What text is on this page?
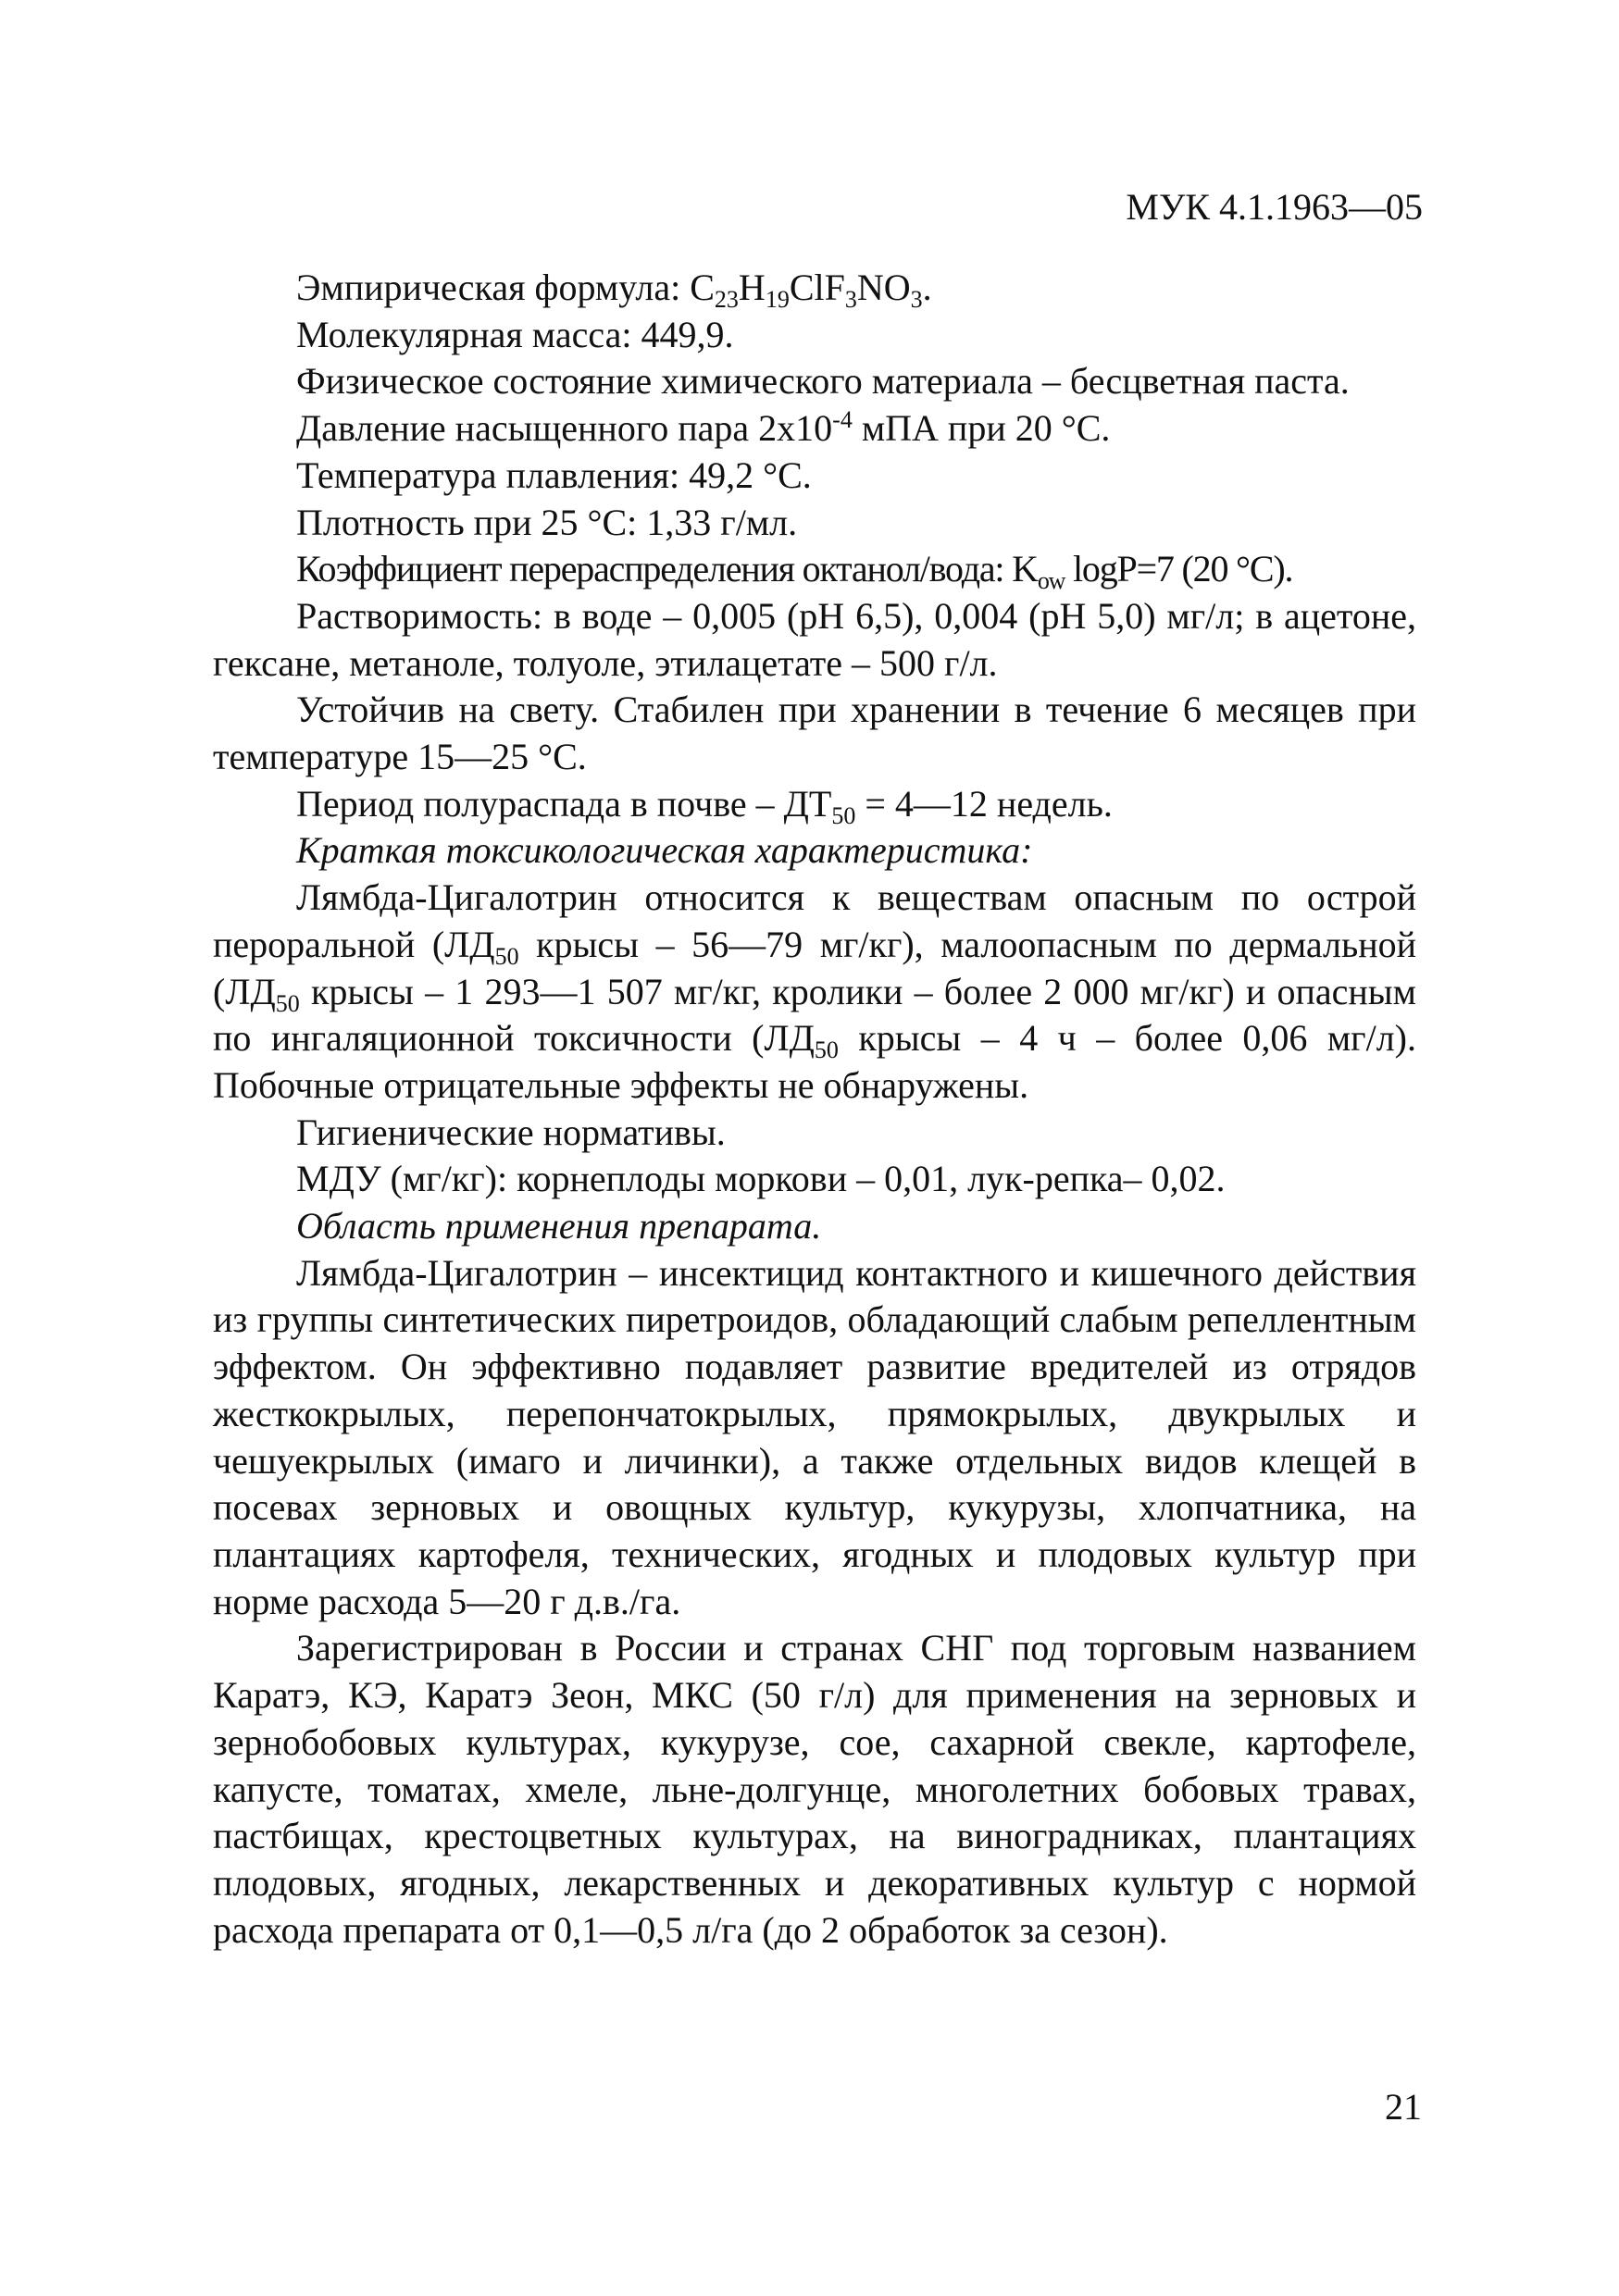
МУК 4.1.1963—05

Эмпирическая формула: $C_{23}H_{19}ClF_3NO_3$.

Молекулярная масса: 449,9.

Физическое состояние химического материала – бесцветная паста.

Давление насыщенного пара $2х10^{-4}$ мПА при 20 °С.

Температура плавления: 49,2 °С.

Плотность при 25 °С: 1,33 г/мл.

Коэффициент перераспределения октанол/вода: $K_{ow}$ logP=7 (20 °С).

Растворимость: в воде – 0,005 (рН 6,5), 0,004 (рН 5,0) мг/л; в ацетоне, гексане, метаноле, толуоле, этилацетате – 500 г/л.

Устойчив на свету. Стабилен при хранении в течение 6 месяцев при температуре 15—25 °С.

Период полураспада в почве – $ДТ_{50}$ = 4—12 недель.

Краткая токсикологическая характеристика:

Лямбда-Цигалотрин относится к веществам опасным по острой пероральной ($ЛД_{50}$ крысы – 56—79 мг/кг), малоопасным по дермальной ($ЛД_{50}$ крысы – 1 293—1 507 мг/кг, кролики – более 2 000 мг/кг) и опасным по ингаляционной токсичности ($ЛД_{50}$ крысы – 4 ч – более 0,06 мг/л). Побочные отрицательные эффекты не обнаружены.

Гигиенические нормативы.

МДУ (мг/кг): корнеплоды моркови – 0,01, лук-репка– 0,02.

Область применения препарата.

Лямбда-Цигалотрин – инсектицид контактного и кишечного действия из группы синтетических пиретроидов, обладающий слабым репеллентным эффектом. Он эффективно подавляет развитие вредителей из отрядов жесткокрылых, перепончатокрылых, прямокрылых, двукрылых и чешуекрылых (имаго и личинки), а также отдельных видов клещей в посевах зерновых и овощных культур, кукурузы, хлопчатника, на плантациях картофеля, технических, ягодных и плодовых культур при норме расхода 5—20 г д.в./га.

Зарегистрирован в России и странах СНГ под торговым названием Каратэ, КЭ, Каратэ Зеон, МКС (50 г/л) для применения на зерновых и зернобобовых культурах, кукурузе, сое, сахарной свекле, картофеле, капусте, томатах, хмеле, льне-долгунце, многолетних бобовых травах, пастбищах, крестоцветных культурах, на виноградниках, плантациях плодовых, ягодных, лекарственных и декоративных культур с нормой расхода препарата от 0,1—0,5 л/га (до 2 обработок за сезон).

21
